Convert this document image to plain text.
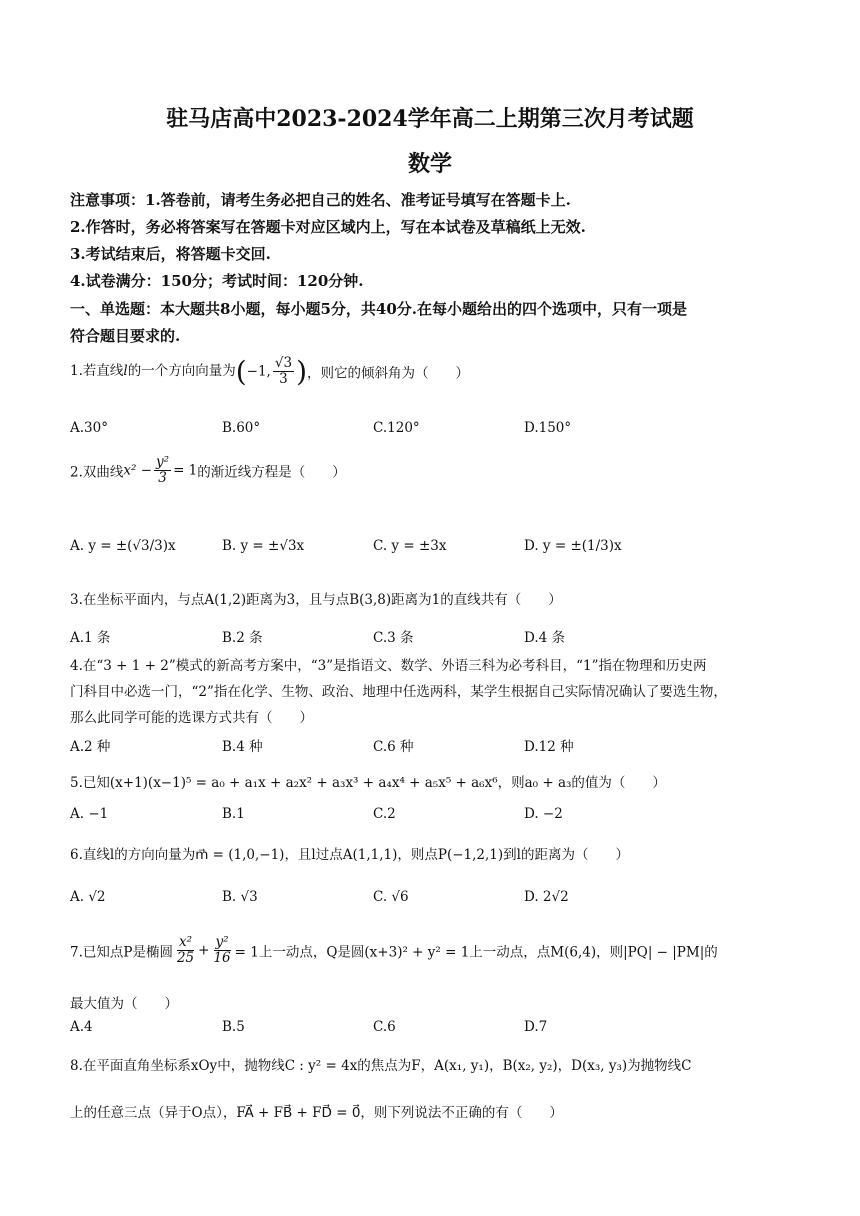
驻马店高中2023-2024学年高二上期第三次月考试题
数学
注意事项：1.答卷前，请考生务必把自己的姓名、准考证号填写在答题卡上.
2.作答时，务必将答案写在答题卡对应区域内上，写在本试卷及草稿纸上无效.
3.考试结束后，将答题卡交回.
4.试卷满分：150分；考试时间：120分钟.
一、单选题：本大题共8小题，每小题5分，共40分.在每小题给出的四个选项中，只有一项是
符合题目要求的.
1.若直线l的一个方向向量为(−1, $\frac{√3}{3}$ )，则它的倾斜角为（　　）
A.30°	B.60°	C.120°	D.150°
2.双曲线$x^2 - \frac{\text{y²}}{3} = 1$的渐近线方程是（　　）
A. y = ±(√3/3)x	B. y = ±√3x	C. y = ±3x	D. y = ±(1/3)x
3.在坐标平面内，与点A(1,2)距离为3，且与点B(3,8)距离为1的直线共有（　　）
A.1 条	B.2 条	C.3 条	D.4 条
4.在“3 + 1 + 2”模式的新高考方案中，“3”是指语文、数学、外语三科为必考科目，“1”指在物理和历史两
门科目中必选一门，“2”指在化学、生物、政治、地理中任选两科，某学生根据自己实际情况确认了要选生物，
那么此同学可能的选课方式共有（　　）
A.2 种	B.4 种	C.6 种	D.12 种
5.已知(x+1)(x−1)⁵ = a₀ + a₁x + a₂x² + a₃x³ + a₄x⁴ + a₅x⁵ + a₆x⁶，则a₀ + a₃的值为（　　）
A. −1	B.1	C.2	D. −2
6.直线l的方向向量为m⃗ = (1,0,−1)，且l过点A(1,1,1)，则点P(−1,2,1)到l的距离为（　　）
A. √2	B. √3	C. √6	D. 2√2
7.已知点P是椭圆 $\frac{\text{x²}}{25} + \frac{\text{y²}}{16} = 1$上一动点，Q是圆(x+3)² + y² = 1上一动点，点M(6,4)，则|PQ| − |PM|的
最大值为（　　）
A.4	B.5	C.6	D.7
8.在平面直角坐标系xOy中，抛物线C : y² = 4x的焦点为F，A(x₁, y₁)，B(x₂, y₂)，D(x₃, y₃)为抛物线C
上的任意三点（异于O点），FA⃗ + FB⃗ + FD⃗ = 0⃗，则下列说法不正确的有（　　）
